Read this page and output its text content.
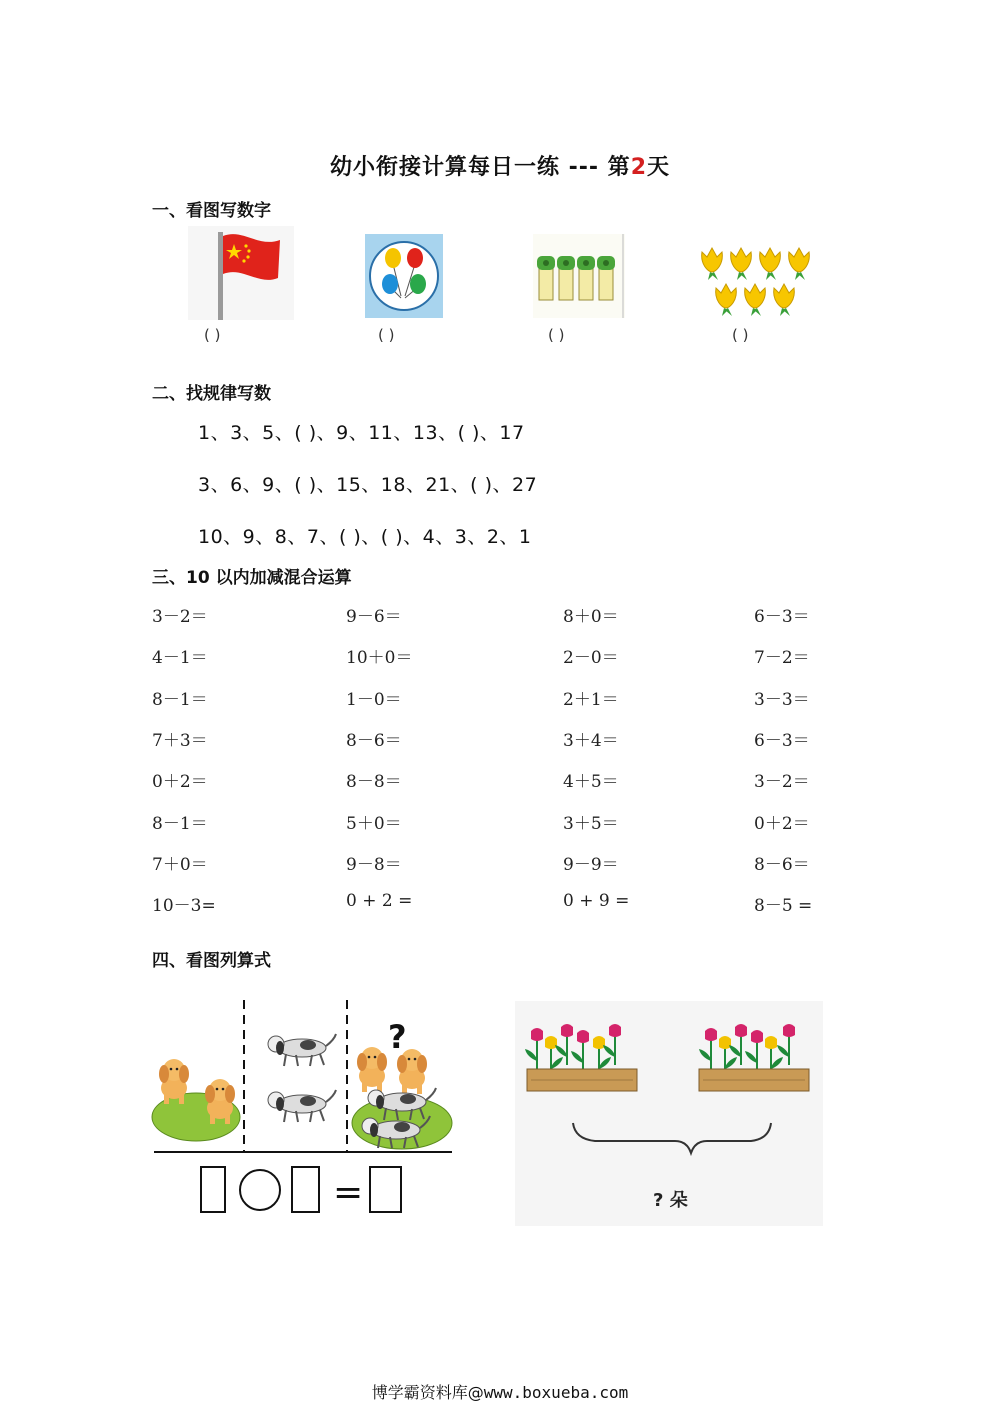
幼小衔接计算每日一练 --- 第2天
一、看图写数字
( )	( )	( )	( )
二、找规律写数
1、3、5、( )、9、11、13、( )、17
3、6、9、( )、15、18、21、( )、27
10、9、8、7、( )、( )、4、3、2、1
三、10 以内加减混合运算
3－2＝	9－6＝	8＋0＝	6－3＝
4－1＝	10＋0＝	2－0＝	7－2＝
8－1＝	1－0＝	2＋1＝	3－3＝
7＋3＝	8－6＝	3＋4＝	6－3＝
0＋2＝	8－8＝	4＋5＝	3－2＝
8－1＝	5＋0＝	3＋5＝	0＋2＝
7＋0＝	9－8＝	9－9＝	8－6＝
10－3=	0 + 2 =	0 + 9 =	8－5 =
四、看图列算式
?
=	? 朵
博学霸资料库@www.boxueba.com
